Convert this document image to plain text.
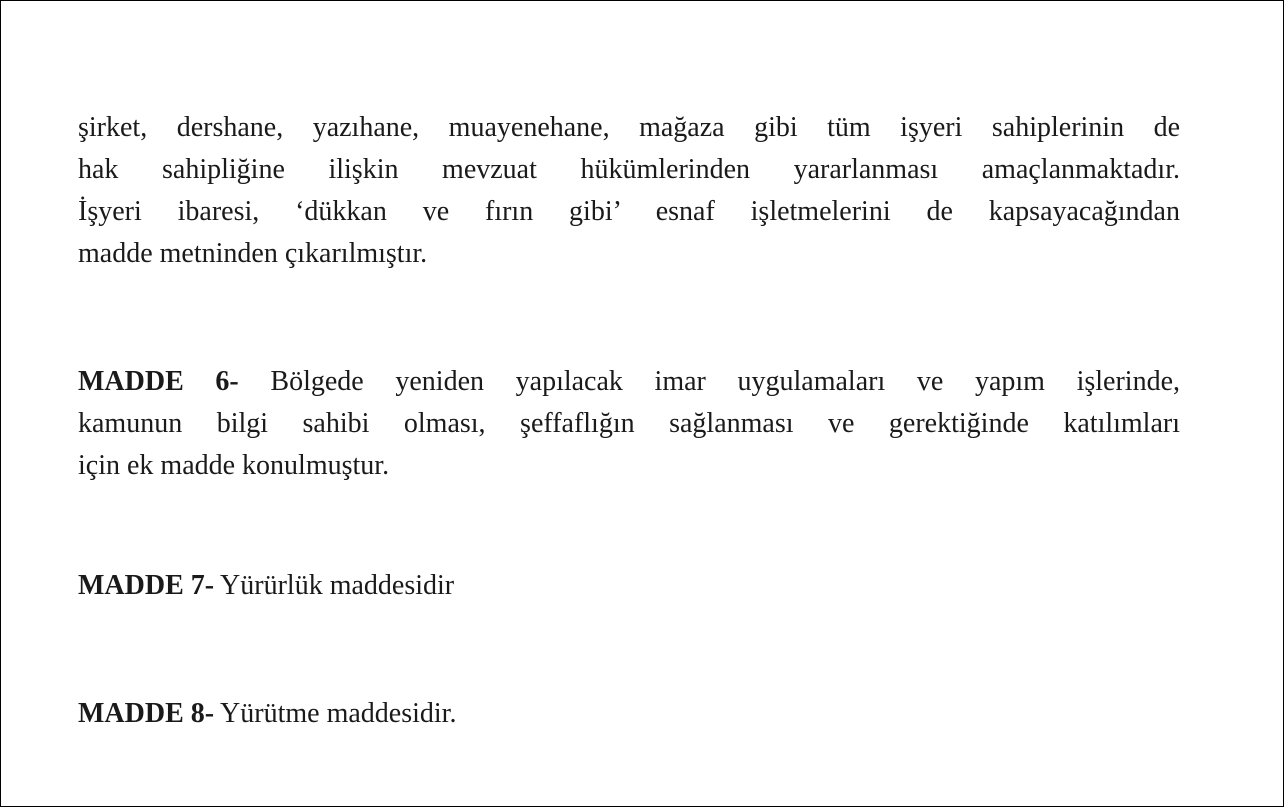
şirket, dershane, yazıhane, muayenehane, mağaza gibi tüm işyeri sahiplerinin de
hak sahipliğine ilişkin mevzuat hükümlerinden yararlanması amaçlanmaktadır.
İşyeri ibaresi, ‘dükkan ve fırın gibi’ esnaf işletmelerini de kapsayacağından
madde metninden çıkarılmıştır.

MADDE 6- Bölgede yeniden yapılacak imar uygulamaları ve yapım işlerinde,
kamunun bilgi sahibi olması, şeffaflığın sağlanması ve gerektiğinde katılımları
için ek madde konulmuştur.

MADDE 7- Yürürlük maddesidir

MADDE 8- Yürütme maddesidir.
